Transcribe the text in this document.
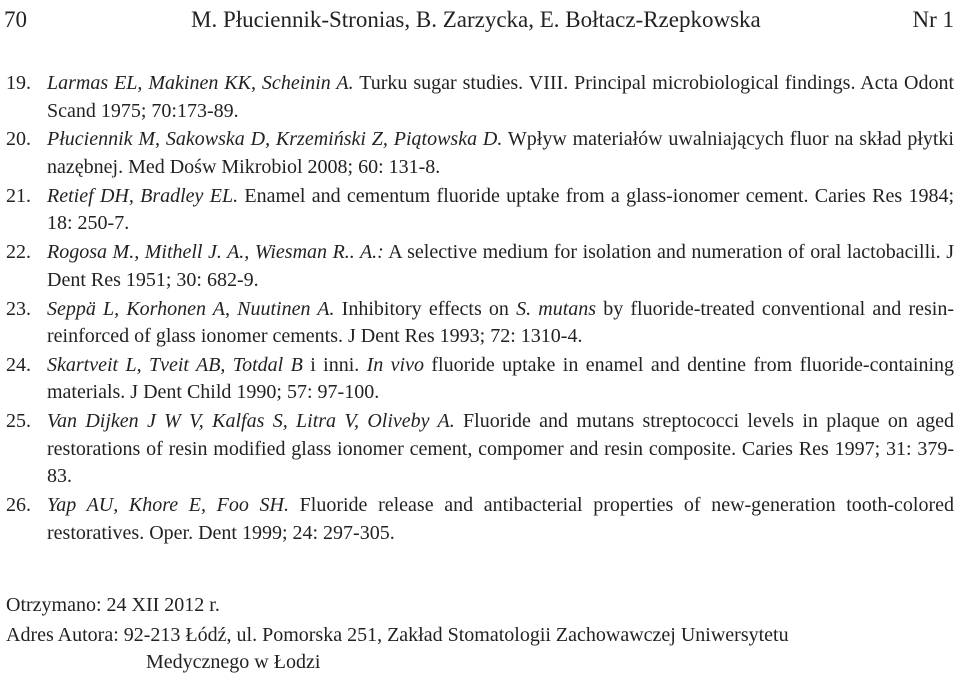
70	M. Płuciennik-Stronias, B. Zarzycka, E. Bołtacz-Rzepkowska	Nr 1
19. Larmas EL, Makinen KK, Scheinin A. Turku sugar studies. VIII. Principal microbiological findings. Acta Odont Scand 1975; 70:173-89.
20. Płuciennik M, Sakowska D, Krzemiński Z, Piątowska D. Wpływ materiałów uwalniających fluor na skład płytki nazębnej. Med Dośw Mikrobiol 2008; 60: 131-8.
21. Retief DH, Bradley EL. Enamel and cementum fluoride uptake from a glass-ionomer cement. Caries Res 1984; 18: 250-7.
22. Rogosa M., Mithell J. A., Wiesman R.. A.: A selective medium for isolation and numeration of oral lactobacilli. J Dent Res 1951; 30: 682-9.
23. Seppä L, Korhonen A, Nuutinen A. Inhibitory effects on S. mutans by fluoride-treated conventional and resin- reinforced of glass ionomer cements. J Dent Res 1993; 72: 1310-4.
24. Skartveit L, Tveit AB, Totdal B i inni. In vivo fluoride uptake in enamel and dentine from fluoride-containing materials. J Dent Child 1990; 57: 97-100.
25. Van Dijken J W V, Kalfas S, Litra V, Oliveby A. Fluoride and mutans streptococci levels in plaque on aged restorations of resin modified glass ionomer cement, compomer and resin composite. Caries Res 1997; 31: 379-83.
26. Yap AU, Khore E, Foo SH. Fluoride release and antibacterial properties of new-generation tooth-colored restoratives. Oper. Dent 1999; 24: 297-305.
Otrzymano: 24 XII 2012 r.
Adres Autora: 92-213 Łódź, ul. Pomorska 251, Zakład Stomatologii Zachowawczej Uniwersytetu
Medycznego w Łodzi
